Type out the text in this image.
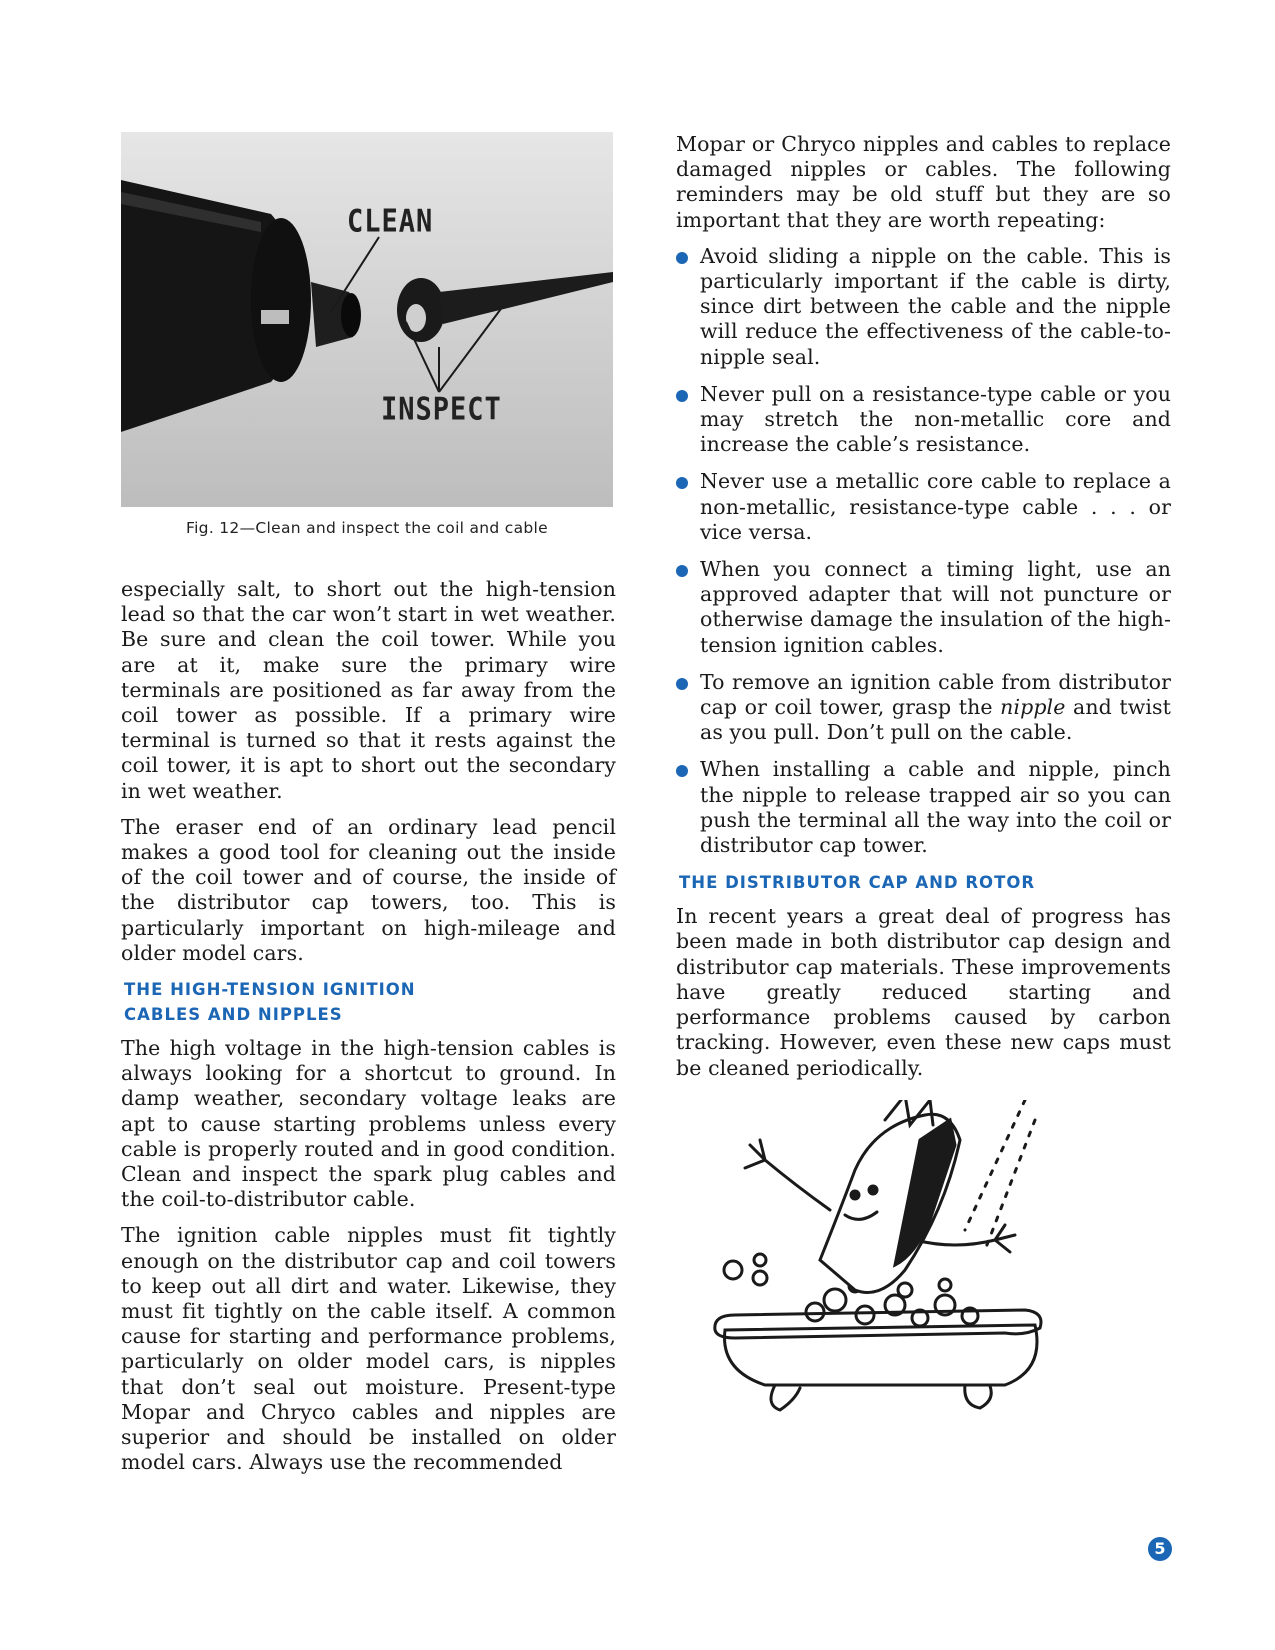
CLEAN
INSPECT
Fig. 12—Clean and inspect the coil and cable

especially salt, to short out the high-tension lead so that the car won’t start in wet weather. Be sure and clean the coil tower. While you are at it, make sure the primary wire terminals are positioned as far away from the coil tower as possible. If a primary wire terminal is turned so that it rests against the coil tower, it is apt to short out the secondary in wet weather.

The eraser end of an ordinary lead pencil makes a good tool for cleaning out the inside of the coil tower and of course, the inside of the distributor cap towers, too. This is particularly important on high-mileage and older model cars.

THE HIGH-TENSION IGNITION
CABLES AND NIPPLES

The high voltage in the high-tension cables is always looking for a shortcut to ground. In damp weather, secondary voltage leaks are apt to cause starting problems unless every cable is properly routed and in good condition. Clean and inspect the spark plug cables and the coil-to-distributor cable.

The ignition cable nipples must fit tightly enough on the distributor cap and coil towers to keep out all dirt and water. Likewise, they must fit tightly on the cable itself. A common cause for starting and performance problems, particularly on older model cars, is nipples that don’t seal out moisture. Present-type Mopar and Chryco cables and nipples are superior and should be installed on older model cars. Always use the recommended

Mopar or Chryco nipples and cables to replace damaged nipples or cables. The following reminders may be old stuff but they are so important that they are worth repeating:

Avoid sliding a nipple on the cable. This is particularly important if the cable is dirty, since dirt between the cable and the nipple will reduce the effectiveness of the cable-to-nipple seal.

Never pull on a resistance-type cable or you may stretch the non-metallic core and increase the cable’s resistance.

Never use a metallic core cable to replace a non-metallic, resistance-type cable . . . or vice versa.

When you connect a timing light, use an approved adapter that will not puncture or otherwise damage the insulation of the high-tension ignition cables.

To remove an ignition cable from distributor cap or coil tower, grasp the nipple and twist as you pull. Don’t pull on the cable.

When installing a cable and nipple, pinch the nipple to release trapped air so you can push the terminal all the way into the coil or distributor cap tower.

THE DISTRIBUTOR CAP AND ROTOR

In recent years a great deal of progress has been made in both distributor cap design and distributor cap materials. These improvements have greatly reduced starting and performance problems caused by carbon tracking. However, even these new caps must be cleaned periodically.

5
